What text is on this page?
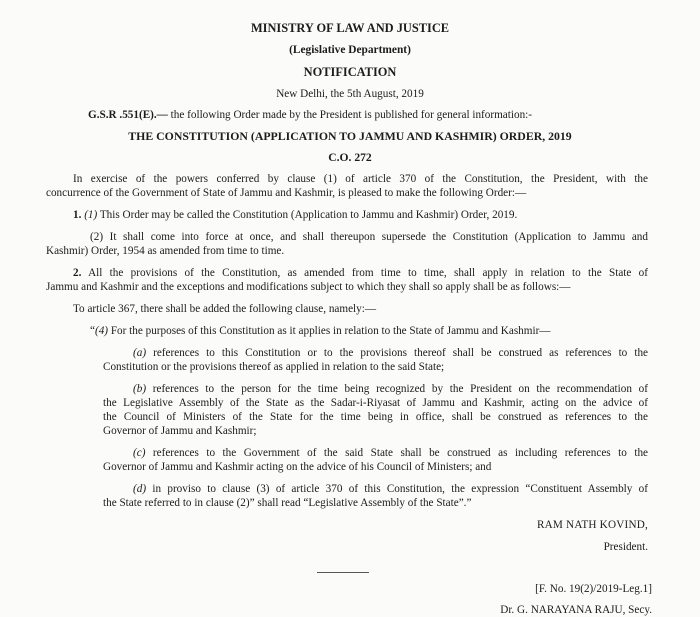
MINISTRY OF LAW AND JUSTICE
(Legislative Department)
NOTIFICATION
New Delhi, the 5th August, 2019
G.S.R .551(E).— the following Order made by the President is published for general information:-
THE CONSTITUTION (APPLICATION TO JAMMU AND KASHMIR) ORDER, 2019
C.O. 272
In exercise of the powers conferred by clause (1) of article 370 of the Constitution, the President, with the
concurrence of the Government of State of Jammu and Kashmir, is pleased to make the following Order:—
1. (1) This Order may be called the Constitution (Application to Jammu and Kashmir) Order, 2019.
(2) It shall come into force at once, and shall thereupon supersede the Constitution (Application to Jammu and
Kashmir) Order, 1954 as amended from time to time.
2. All the provisions of the Constitution, as amended from time to time, shall apply in relation to the State of
Jammu and Kashmir and the exceptions and modifications subject to which they shall so apply shall be as follows:—
To article 367, there shall be added the following clause, namely:—
“(4) For the purposes of this Constitution as it applies in relation to the State of Jammu and Kashmir—
(a) references to this Constitution or to the provisions thereof shall be construed as references to the
Constitution or the provisions thereof as applied in relation to the said State;
(b) references to the person for the time being recognized by the President on the recommendation of
the Legislative Assembly of the State as the Sadar-i-Riyasat of Jammu and Kashmir, acting on the advice of
the Council of Ministers of the State for the time being in office, shall be construed as references to the
Governor of Jammu and Kashmir;
(c) references to the Government of the said State shall be construed as including references to the
Governor of Jammu and Kashmir acting on the advice of his Council of Ministers; and
(d) in proviso to clause (3) of article 370 of this Constitution, the expression “Constituent Assembly of
the State referred to in clause (2)” shall read “Legislative Assembly of the State”.”
RAM NATH KOVIND,
President.
[F. No. 19(2)/2019-Leg.1]
Dr. G. NARAYANA RAJU, Secy.
